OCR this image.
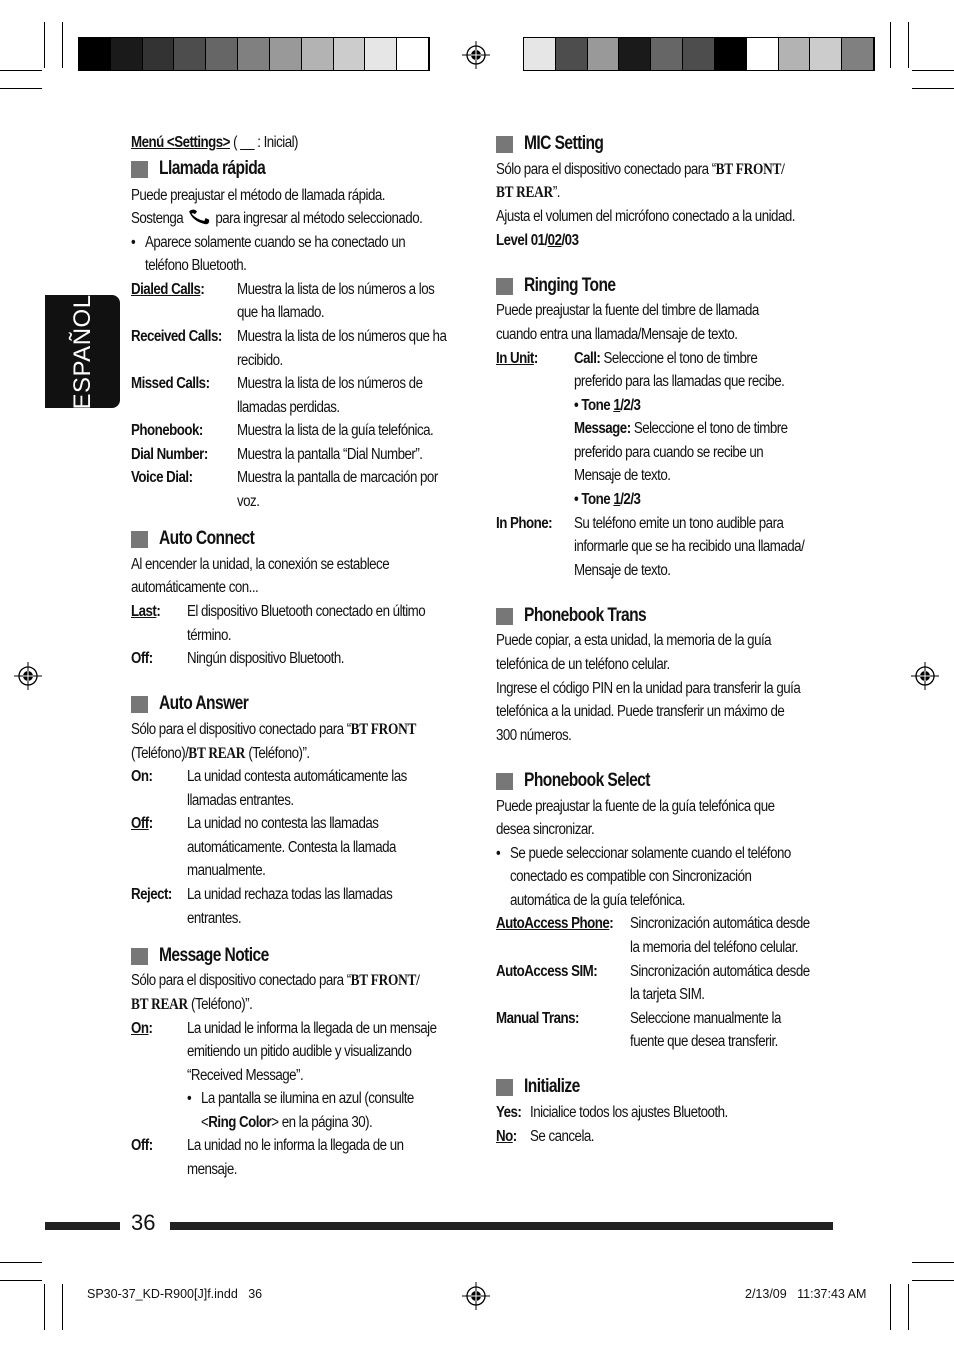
ESPAÑOL
Menú <Settings> ( __ : Inicial)
Llamada rápida
Puede preajustar el método de llamada rápida.
Sostenga  para ingresar al método seleccionado.
• Aparece solamente cuando se ha conectado un
teléfono Bluetooth.
Dialed Calls: Muestra la lista de los números a los
que ha llamado.
Received Calls: Muestra la lista de los números que ha
recibido.
Missed Calls: Muestra la lista de los números de
llamadas perdidas.
Phonebook: Muestra la lista de la guía telefónica.
Dial Number: Muestra la pantalla “Dial Number”.
Voice Dial:	Muestra la pantalla de marcación por
voz.
Auto Connect
Al encender la unidad, la conexión se establece
automáticamente con...
Last: El dispositivo Bluetooth conectado en último
término.
Off: Ningún dispositivo Bluetooth.
Auto Answer
Sólo para el dispositivo conectado para “BT FRONT
(Teléfono)/BT REAR (Teléfono)”.
On: La unidad contesta automáticamente las
llamadas entrantes.
Off: La unidad no contesta las llamadas
automáticamente. Contesta la llamada
manualmente.
Reject: La unidad rechaza todas las llamadas
entrantes.
Message Notice
Sólo para el dispositivo conectado para “BT FRONT/
BT REAR (Teléfono)”.
On: La unidad le informa la llegada de un mensaje
emitiendo un pitido audible y visualizando
“Received Message”.
• La pantalla se ilumina en azul (consulte
<Ring Color> en la página 30).
Off: La unidad no le informa la llegada de un
mensaje.
MIC Setting
Sólo para el dispositivo conectado para “BT FRONT/
BT REAR”.
Ajusta el volumen del micrófono conectado a la unidad.
Level 01/02/03
Ringing Tone
Puede preajustar la fuente del timbre de llamada
cuando entra una llamada/Mensaje de texto.
In Unit: Call: Seleccione el tono de timbre
preferido para las llamadas que recibe.
• Tone 1/2/3
Message: Seleccione el tono de timbre
preferido para cuando se recibe un
Mensaje de texto.
• Tone 1/2/3
In Phone: Su teléfono emite un tono audible para
informarle que se ha recibido una llamada/
Mensaje de texto.
Phonebook Trans
Puede copiar, a esta unidad, la memoria de la guía
telefónica de un teléfono celular.
Ingrese el código PIN en la unidad para transferir la guía
telefónica a la unidad. Puede transferir un máximo de
300 números.
Phonebook Select
Puede preajustar la fuente de la guía telefónica que
desea sincronizar.
• Se puede seleccionar solamente cuando el teléfono
conectado es compatible con Sincronización
automática de la guía telefónica.
AutoAccess Phone: Sincronización automática desde
la memoria del teléfono celular.
AutoAccess SIM: Sincronización automática desde
la tarjeta SIM.
Manual Trans:	Seleccione manualmente la
fuente que desea transferir.
Initialize
Yes: Inicialice todos los ajustes Bluetooth.
No: Se cancela.
36
SP30-37_KD-R900[J]f.indd   36	2/13/09   11:37:43 AM
